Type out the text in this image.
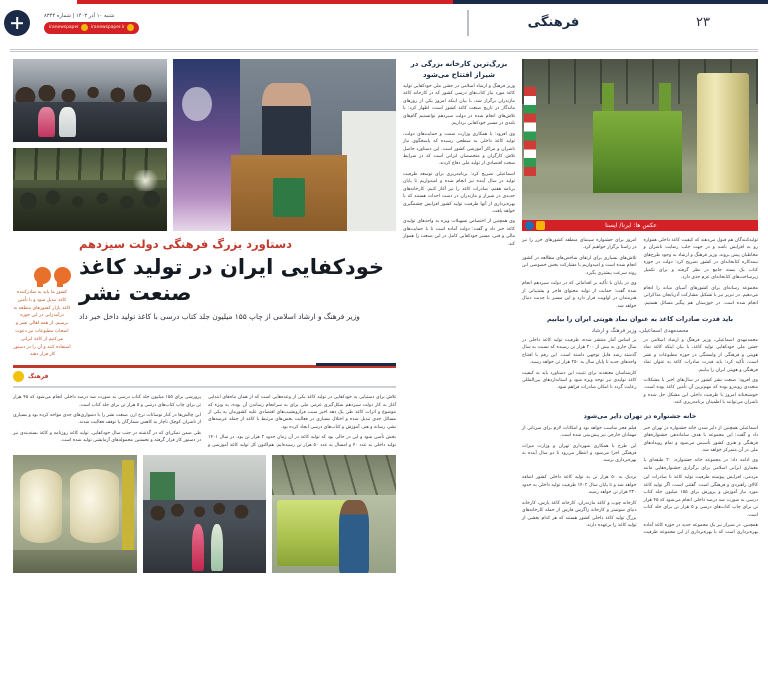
۲۳
فرهنگی
شنبه ۱۰ آذر ۱۴۰۳ | شماره ۸۳۴۴
iranewspaper.ir
iranewspaper
عکس ها: ایرنا/ ایسنا

تولیدکنندگان هم قبول می‌دهند که کیفیت کاغذ داخلی همواره رو به افزایش باشد و در جهت جلب رضایت ناشران و مخاطبان پیش بروند. وزیر فرهنگ و ارشاد به وجود طرح‌های نیمه‌کاره کتابخانه‌ای در کشور تصریح کرد: دولت در حوزه کتاب یک بسته جامع در نظر گرفته و برای تکمیل زیرساخت‌های کتابخانه‌ای عزم جدی دارد.

مجموعه رسانه‌ای برای کشورهای آسیای میانه را انجام می‌دهیم. در تبریز نیز با تشکیل مشارکت آذربایجان مذاکراتی انجام شده است. در خوزستان هم پیگیر مسائل هستیم. امروز برای جشنواره سینمای منطقه کشورهای خزر را نیز در راستا برگزار خواهیم کرد.

تلاش‌های بسیاری برای ارتقای شاخص‌های مطالعه در کشور انجام شده است و امیدواریم با مشارکت بخش خصوصی این روند سرعت بیشتری بگیرد.

وی در پایان با تأکید بر اقداماتی که در دولت سیزدهم انجام شده گفت: حمایت از تولید محتوای فاخر و پشتیبانی از هنرمندان در اولویت قرار دارد و این مسیر با جدیت دنبال خواهد شد.

باید قدرت صادرات کاغذ به عنوان نماد هویتی ایران را بیابیم
محمدمهدی اسماعیلی، وزیر فرهنگ و ارشاد

محمدمهدی اسماعیلی، وزیر فرهنگ و ارشاد اسلامی در جشن ملی خودکفایی تولید کاغذ، با بیان اینکه کاغذ نماد هویتی و فرهنگی از وابستگی در حوزه مطبوعات و نشر است، تأکید کرد: باید قدرت صادرات کاغذ به عنوان نماد فرهنگی و هویتی ایران را بیابیم.

وی افزود: صنعت نشر کشور در سال‌های اخیر با مشکلات متعددی روبه‌رو بوده که مهم‌ترین آن تأمین کاغذ بوده است. خوشبختانه امروز با ظرفیت داخلی این مشکل حل شده و ناشران می‌توانند با اطمینان برنامه‌ریزی کنند.

بر اساس آمار منتشر شده، ظرفیت تولید کاغذ داخلی در سال جاری به بیش از ۲۰۰ هزار تن رسیده که نسبت به سال گذشته رشد قابل توجهی داشته است. این رقم با افتتاح واحدهای جدید تا پایان سال به ۲۵۰ هزار تن خواهد رسید.

کارشناسان معتقدند برای تثبیت این دستاورد باید به کیفیت کاغذ تولیدی نیز توجه ویژه شود و استانداردهای بین‌المللی رعایت گردد تا امکان صادرات فراهم شود.

خانه جشنواره در تهران دایر می‌شود

اسماعیلی همچنین از دایر شدن خانه جشنواره در تهران خبر داد و گفت: این مجموعه با هدف ساماندهی جشنواره‌های فرهنگی و هنری کشور تأسیس می‌شود و تمام رویدادهای ملی در آن متمرکز خواهد شد.

وی ادامه داد: در مجموعه خانه جشنواره، ۲۰ طبقه‌ای با معماری ایرانی اسلامی برای برگزاری جشنواره‌هایی مانند فیلم فجر مناسب خواهد بود و امکانات لازم برای میزبانی از مهمانان خارجی نیز پیش‌بینی شده است.

این طرح با همکاری شهرداری تهران و وزارت میراث فرهنگی اجرا می‌شود و انتظار می‌رود تا دو سال آینده به بهره‌برداری برسد.

مردمی، افزایش پیوسته ظرفیت تولید کاغذ تا صادرات این کالای راهبردی و فرهنگی است. گفتنی است، اگر تولید کاغذ مورد نیاز آموزش و پرورش برای ۱۵۵ میلیون جلد کتاب درسی به صورت صد درصد داخلی انجام می‌شود که ۴۵ هزار تن برای چاپ کتاب‌های درسی و ۵ هزار تن برای جلد کتاب است.

همچنین، در شیراز نیز یک مجموعه جدید در حوزه کاغذ آماده بهره‌برداری است که با بهره‌برداری از این مجموعه ظرفیت نزدیک به ۵۰ هزار تن به تولید کاغذ داخلی کشور اضافه خواهد شد و تا پایان سال ۱۴۰۲ ظرفیت تولید داخلی به حدود ۲۳۰ هزار تن خواهد رسید.

کارخانه چوب و کاغذ مازندران، کارخانه کاغذ پارس، کارخانه دنیای شوشتر و کارخانه زاگرس فارس از جمله کارخانه‌های بزرگ تولید کاغذ داخلی کشور هستند که هر کدام بخشی از تولید کاغذ را برعهده دارند.

بزرگ‌ترین کارخانه بزرگی در شیراز افتتاح می‌شود

وزیر فرهنگ و ارشاد اسلامی در جشن ملی خودکفایی تولید کاغذ مورد نیاز کتاب‌های درسی کشور که در کارخانه کاغذ مازندران برگزار شد، با بیان اینکه امروز یکی از روزهای ماندگار در تاریخ صنعت کاغذ کشور است، اظهار کرد: با تلاش‌های انجام شده در دولت سیزدهم توانستیم گام‌های بلندی در مسیر خودکفایی برداریم.

وی افزود: با همکاری وزارت صمت و حمایت‌های دولت، تولید کاغذ داخلی به سطحی رسیده که پاسخگوی نیاز ناشران و مراکز آموزشی کشور است. این دستاورد حاصل تلاش کارگران و متخصصان ایرانی است که در شرایط سخت اقتصادی از تولید ملی دفاع کردند.

اسماعیلی تصریح کرد: برنامه‌ریزی برای توسعه ظرفیت تولید در سال آینده نیز انجام شده و امیدواریم تا پایان برنامه هفتم، صادرات کاغذ را نیز آغاز کنیم. کارخانه‌های جدیدی در شیراز و مازندران در دست احداث هستند که با بهره‌برداری از آنها ظرفیت تولید کشور افزایش چشمگیری خواهد یافت.

وی همچنین از اختصاص تسهیلات ویژه به واحدهای تولیدی کاغذ خبر داد و گفت: دولت آماده است تا با حمایت‌های مالی و فنی، مسیر خودکفایی کامل در این صنعت را هموار کند.

دستاورد بزرگ فرهنگی دولت سیزدهم
خودکفایی ایران در تولید کاغذ
صنعت نشر
وزیر فرهنگ و ارشاد اسلامی از چاپ ۱۵۵ میلیون جلد کتاب درسی با کاغذ تولید داخل خبر داد
کشور ما باید به صادرکننده کاغذ تبدیل شود و با تأمین کاغذ بازار کشورهای منطقه به درآمدزایی در این حوزه برسیم. از همه اهالی نشر و اصحاب مطبوعات نیز دعوت می‌کنیم از کاغذ ایرانی استفاده کنند و آن را در دستور کار قرار دهند.
فرهنگ

تلاش برای دستیابی به خودکفایی در تولید کاغذ یکی از وعده‌هایی است که از همان ماه‌های ابتدایی آغاز به کار دولت سیزدهم شکل‌گیری عزمی ملی برای به سرانجام رساندن آن بوده، به ویژه که موضوع و اثرات کاغذ طی یک دهه اخیر سبب فرازونشیب‌های اقتصادی علیه کشورمان به یکی از مسائل جدی تبدیل شده و اختلال بسیاری در فعالیت بخش‌های مرتبط با کاغذ از جمله عرصه‌های نشر، رسانه و هنر، آموزش و کتاب‌های درسی ایجاد کرده بود.

بخش تأمین شود و این در حالی بود که تولید کاغذ در آن زمان حدود ۲ هزار تن بود. در سال ۱۴۰۱ تولید داخلی به عدد ۴۰ و امسال به عدد ۵۰ هزار تن رسیده‌ایم. هم‌اکنون کل تولید کاغذ آموزشی و پرورشی برای ۱۵۵ میلیون جلد کتاب درسی به صورت صد درصد داخلی انجام می‌شود که ۴۵ هزار تن برای چاپ کتاب‌های درسی و ۵ هزار تن برای جلد کتاب است.

این چالش‌ها در کنار نوسانات نرخ ارز، صنعت نشر را با دشواری‌های جدی مواجه کرده بود و بسیاری از ناشران کوچک ناچار به کاهش شمارگان یا توقف فعالیت شدند.

طی ضمن تمکن‌ای که در گذشته در جنب سال خودکفایی، تولید کاغذ روزنامه و کاغذ بسته‌بندی نیز در دستور کار قرار گرفته و نخستین محموله‌های آزمایشی تولید شده است.
